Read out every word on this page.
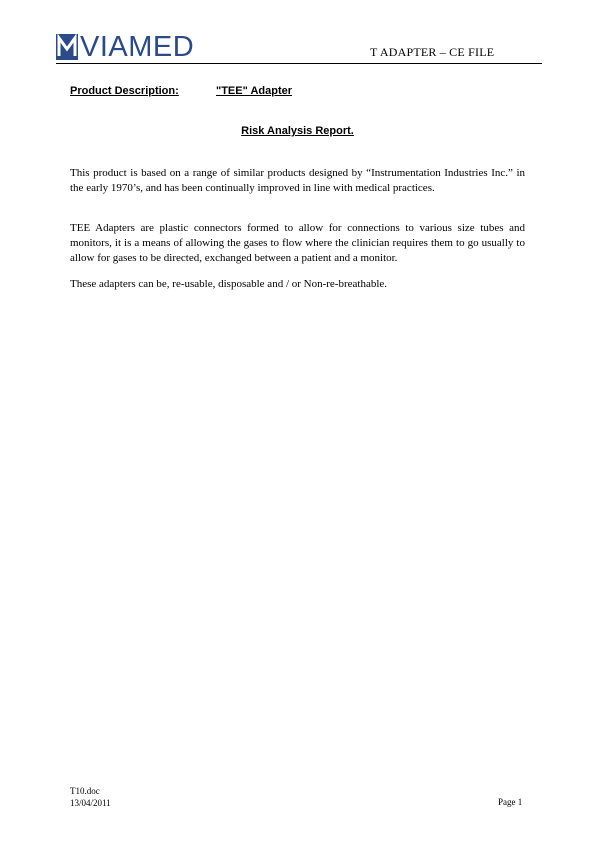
VIAMED	T ADAPTER – CE FILE
Product Description:	"TEE" Adapter
Risk Analysis Report.

This product is based on a range of similar products designed by “Instrumentation Industries Inc.” in the early 1970’s, and has been continually improved in line with medical practices.

TEE Adapters are plastic connectors formed to allow for connections to various size tubes and monitors, it is a means of allowing the gases to flow where the clinician requires them to go usually to allow for gases to be directed, exchanged between a patient and a monitor.

These adapters can be, re-usable, disposable and / or Non-re-breathable.

T10.doc
13/04/2011	Page 1
